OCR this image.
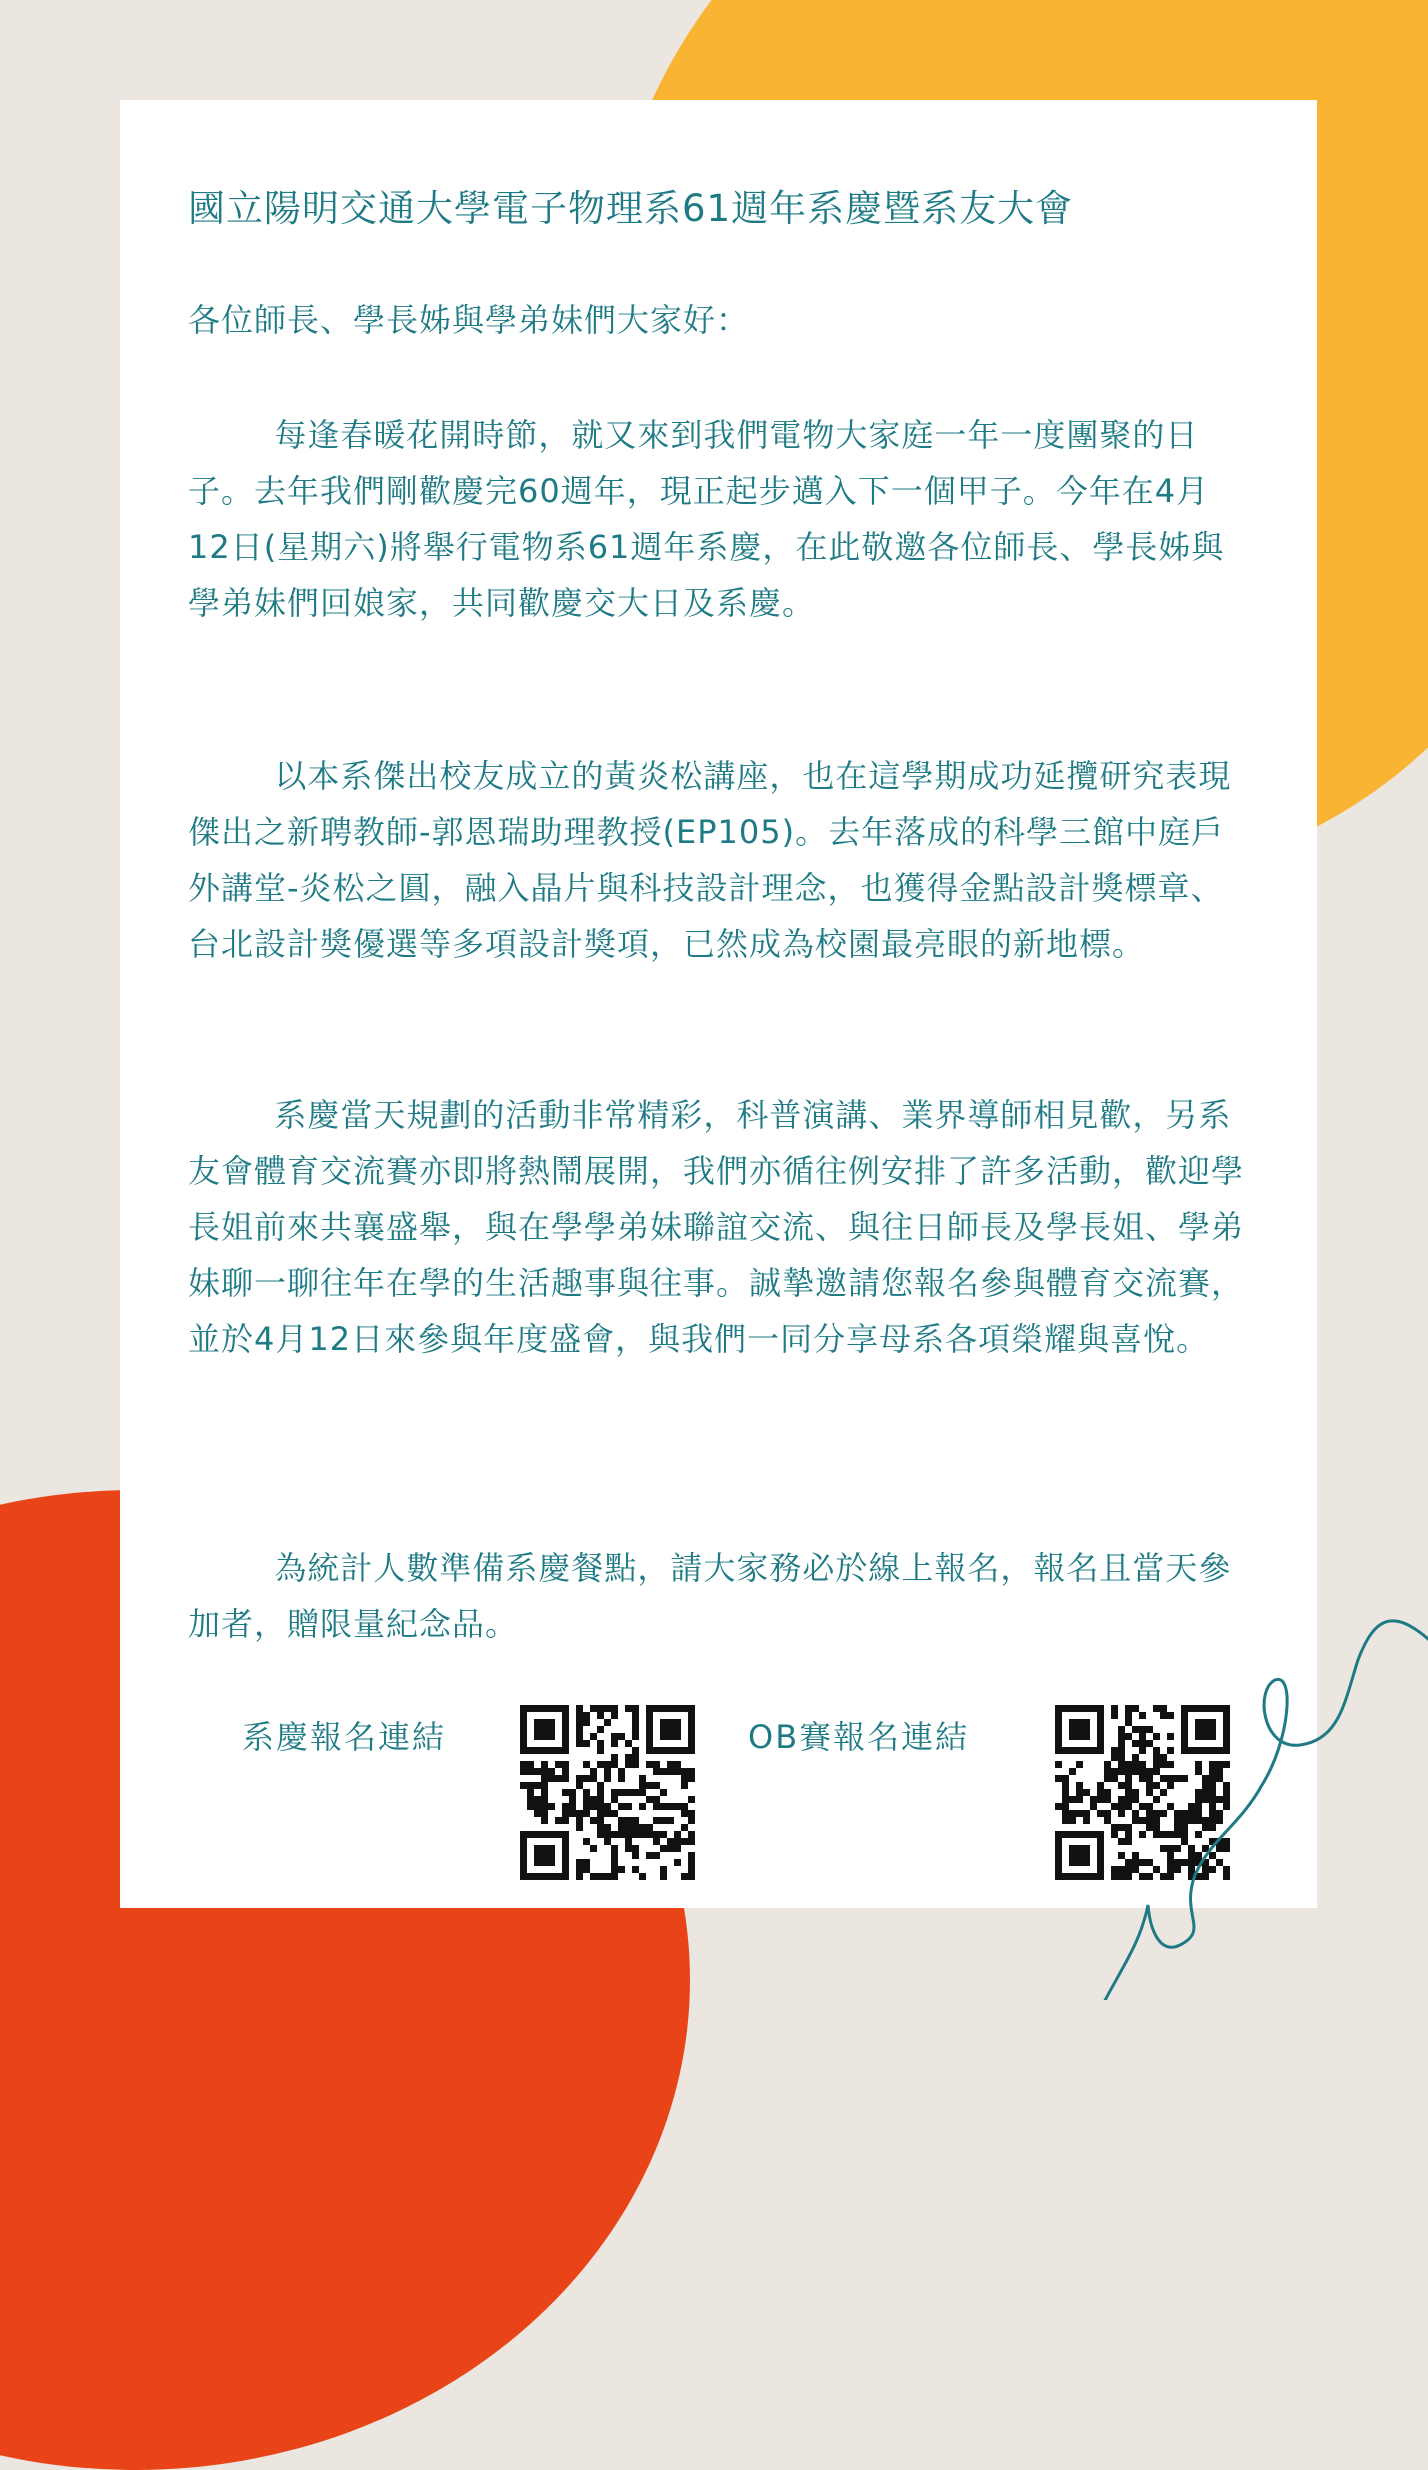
國立陽明交通大學電子物理系61週年系慶暨系友大會

各位師長、學長姊與學弟妹們大家好：

每逢春暖花開時節，就又來到我們電物大家庭一年一度團聚的日子。去年我們剛歡慶完60週年，現正起步邁入下一個甲子。今年在4月12日(星期六)將舉行電物系61週年系慶，在此敬邀各位師長、學長姊與學弟妹們回娘家，共同歡慶交大日及系慶。

以本系傑出校友成立的黃炎松講座，也在這學期成功延攬研究表現傑出之新聘教師-郭恩瑞助理教授(EP105)。去年落成的科學三館中庭戶外講堂-炎松之圓，融入晶片與科技設計理念，也獲得金點設計獎標章、台北設計獎優選等多項設計獎項，已然成為校園最亮眼的新地標。

系慶當天規劃的活動非常精彩，科普演講、業界導師相見歡，另系友會體育交流賽亦即將熱鬧展開，我們亦循往例安排了許多活動，歡迎學長姐前來共襄盛舉，與在學學弟妹聯誼交流、與往日師長及學長姐、學弟妹聊一聊往年在學的生活趣事與往事。誠摯邀請您報名參與體育交流賽，並於4月12日來參與年度盛會，與我們一同分享母系各項榮耀與喜悅。

為統計人數準備系慶餐點，請大家務必於線上報名，報名且當天參加者，贈限量紀念品。

系慶報名連結	OB賽報名連結
